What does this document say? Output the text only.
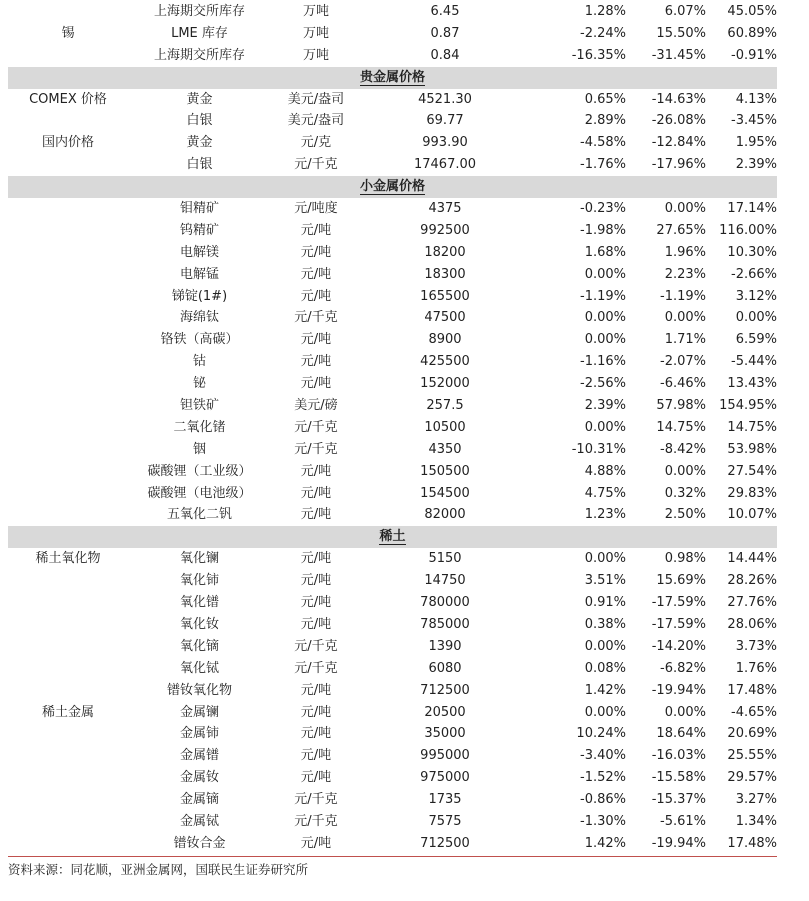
上海期交所库存	万吨	6.45	1.28%	6.07%	45.05%
锡	LME 库存	万吨	0.87	-2.24%	15.50%	60.89%
上海期交所库存	万吨	0.84	-16.35%	-31.45%	-0.91%
贵金属价格
COMEX 价格	黄金	美元/盎司	4521.30	0.65%	-14.63%	4.13%
白银	美元/盎司	69.77	2.89%	-26.08%	-3.45%
国内价格	黄金	元/克	993.90	-4.58%	-12.84%	1.95%
白银	元/千克	17467.00	-1.76%	-17.96%	2.39%
小金属价格
钼精矿	元/吨度	4375	-0.23%	0.00%	17.14%
钨精矿	元/吨	992500	-1.98%	27.65%	116.00%
电解镁	元/吨	18200	1.68%	1.96%	10.30%
电解锰	元/吨	18300	0.00%	2.23%	-2.66%
锑锭(1#)	元/吨	165500	-1.19%	-1.19%	3.12%
海绵钛	元/千克	47500	0.00%	0.00%	0.00%
铬铁（高碳）	元/吨	8900	0.00%	1.71%	6.59%
钴	元/吨	425500	-1.16%	-2.07%	-5.44%
铋	元/吨	152000	-2.56%	-6.46%	13.43%
钽铁矿	美元/磅	257.5	2.39%	57.98%	154.95%
二氧化锗	元/千克	10500	0.00%	14.75%	14.75%
铟	元/千克	4350	-10.31%	-8.42%	53.98%
碳酸锂（工业级）	元/吨	150500	4.88%	0.00%	27.54%
碳酸锂（电池级）	元/吨	154500	4.75%	0.32%	29.83%
五氧化二钒	元/吨	82000	1.23%	2.50%	10.07%
稀土
稀土氧化物	氧化镧	元/吨	5150	0.00%	0.98%	14.44%
氧化铈	元/吨	14750	3.51%	15.69%	28.26%
氧化镨	元/吨	780000	0.91%	-17.59%	27.76%
氧化钕	元/吨	785000	0.38%	-17.59%	28.06%
氧化镝	元/千克	1390	0.00%	-14.20%	3.73%
氧化铽	元/千克	6080	0.08%	-6.82%	1.76%
镨钕氧化物	元/吨	712500	1.42%	-19.94%	17.48%
稀土金属	金属镧	元/吨	20500	0.00%	0.00%	-4.65%
金属铈	元/吨	35000	10.24%	18.64%	20.69%
金属镨	元/吨	995000	-3.40%	-16.03%	25.55%
金属钕	元/吨	975000	-1.52%	-15.58%	29.57%
金属镝	元/千克	1735	-0.86%	-15.37%	3.27%
金属铽	元/千克	7575	-1.30%	-5.61%	1.34%
镨钕合金	元/吨	712500	1.42%	-19.94%	17.48%
资料来源：同花顺，亚洲金属网，国联民生证券研究所
